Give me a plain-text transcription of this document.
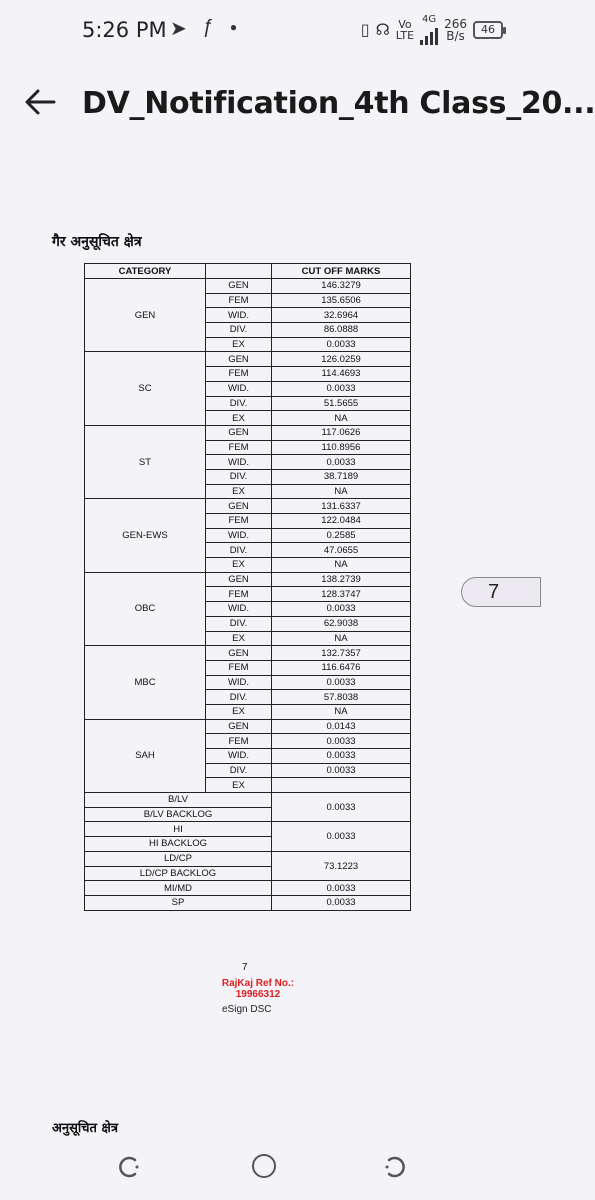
5:26 PM ➤ ƒ ●	▯ ☊ Vo
LTE
4G 266
B/s	46
DV_Notification_4th Class_20...
गैर अनुसूचित क्षेत्र
CATEGORY		CUT OFF MARKS
GEN	GEN	146.3279
	FEM	135.6506
	WID.	32.6964
	DIV.	86.0888
	EX	0.0033
SC	GEN	126.0259
	FEM	114.4693
	WID.	0.0033
	DIV.	51.5655
	EX	NA
ST	GEN	117.0626
	FEM	110.8956
	WID.	0.0033
	DIV.	38.7189
	EX	NA
GEN-EWS	GEN	131.6337
	FEM	122.0484
	WID.	0.2585
	DIV.	47.0655
	EX	NA
OBC	GEN	138.2739
	FEM	128.3747
	WID.	0.0033
	DIV.	62.9038
	EX	NA
MBC	GEN	132.7357
	FEM	116.6476
	WID.	0.0033
	DIV.	57.8038
	EX	NA
SAH	GEN	0.0143
	FEM	0.0033
	WID.	0.0033
	DIV.	0.0033
	EX	
B/LV		0.0033
B/LV BACKLOG		
HI		0.0033
HI BACKLOG		
LD/CP		73.1223
LD/CP BACKLOG		
MI/MD		0.0033
SP		0.0033
7
RajKaj Ref No.:
19966312
eSign DSC
अनुसूचित क्षेत्र
7
